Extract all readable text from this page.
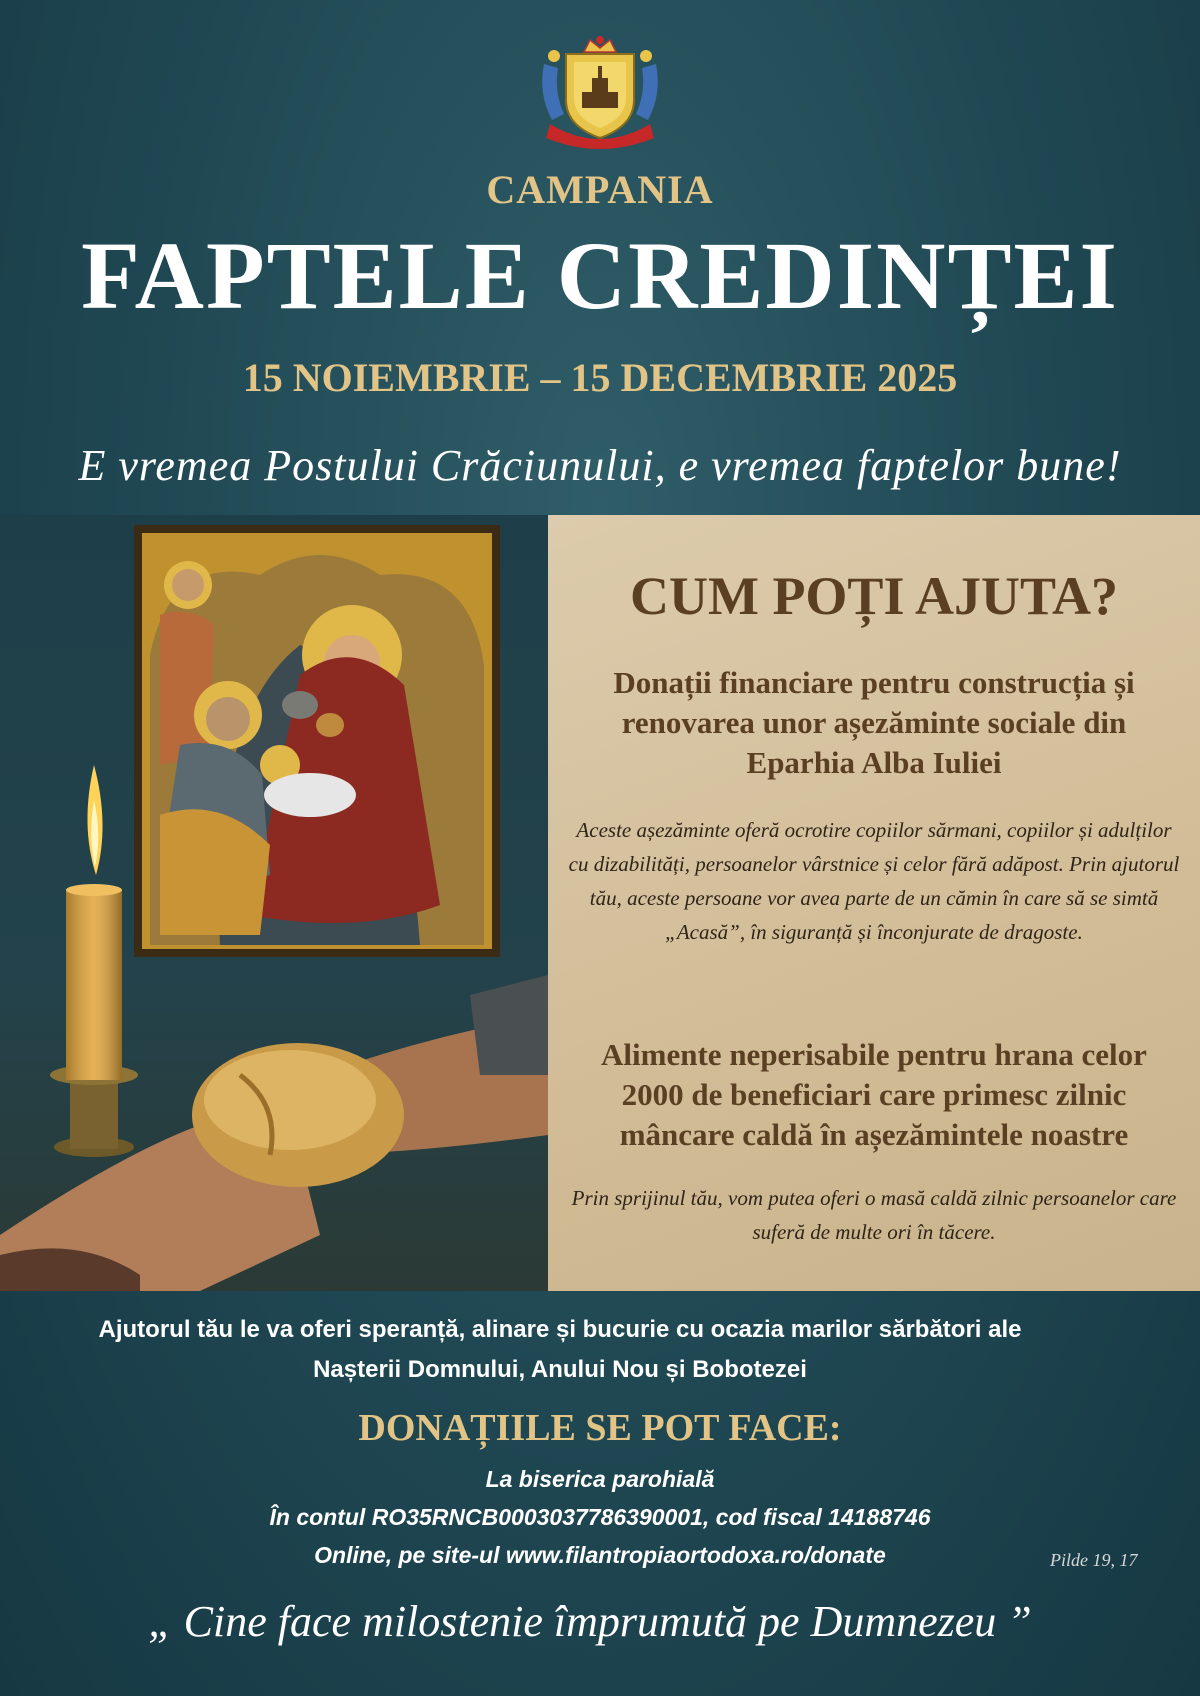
CAMPANIA
FAPTELE CREDINȚEI
15 NOIEMBRIE – 15 DECEMBRIE 2025
E vremea Postului Crăciunului, e vremea faptelor bune!
CUM POȚI AJUTA?
Donații financiare pentru construcția și renovarea unor așezăminte sociale din Eparhia Alba Iuliei
Aceste așezăminte oferă ocrotire copiilor sărmani, copiilor și adulților cu dizabilități, persoanelor vârstnice și celor fără adăpost. Prin ajutorul tău, aceste persoane vor avea parte de un cămin în care să se simtă „Acasă”, în siguranță și înconjurate de dragoste.
Alimente neperisabile pentru hrana celor 2000 de beneficiari care primesc zilnic mâncare caldă în așezămintele noastre
Prin sprijinul tău, vom putea oferi o masă caldă zilnic persoanelor care suferă de multe ori în tăcere.
Ajutorul tău le va oferi speranță, alinare și bucurie cu ocazia marilor sărbători ale Nașterii Domnului, Anului Nou și Bobotezei
DONAȚIILE SE POT FACE:
La biserica parohială
În contul RO35RNCB0003037786390001, cod fiscal 14188746
Online, pe site-ul www.filantropiaortodoxa.ro/donate
„ Cine face milostenie împrumută pe Dumnezeu ”
Pilde 19, 17
